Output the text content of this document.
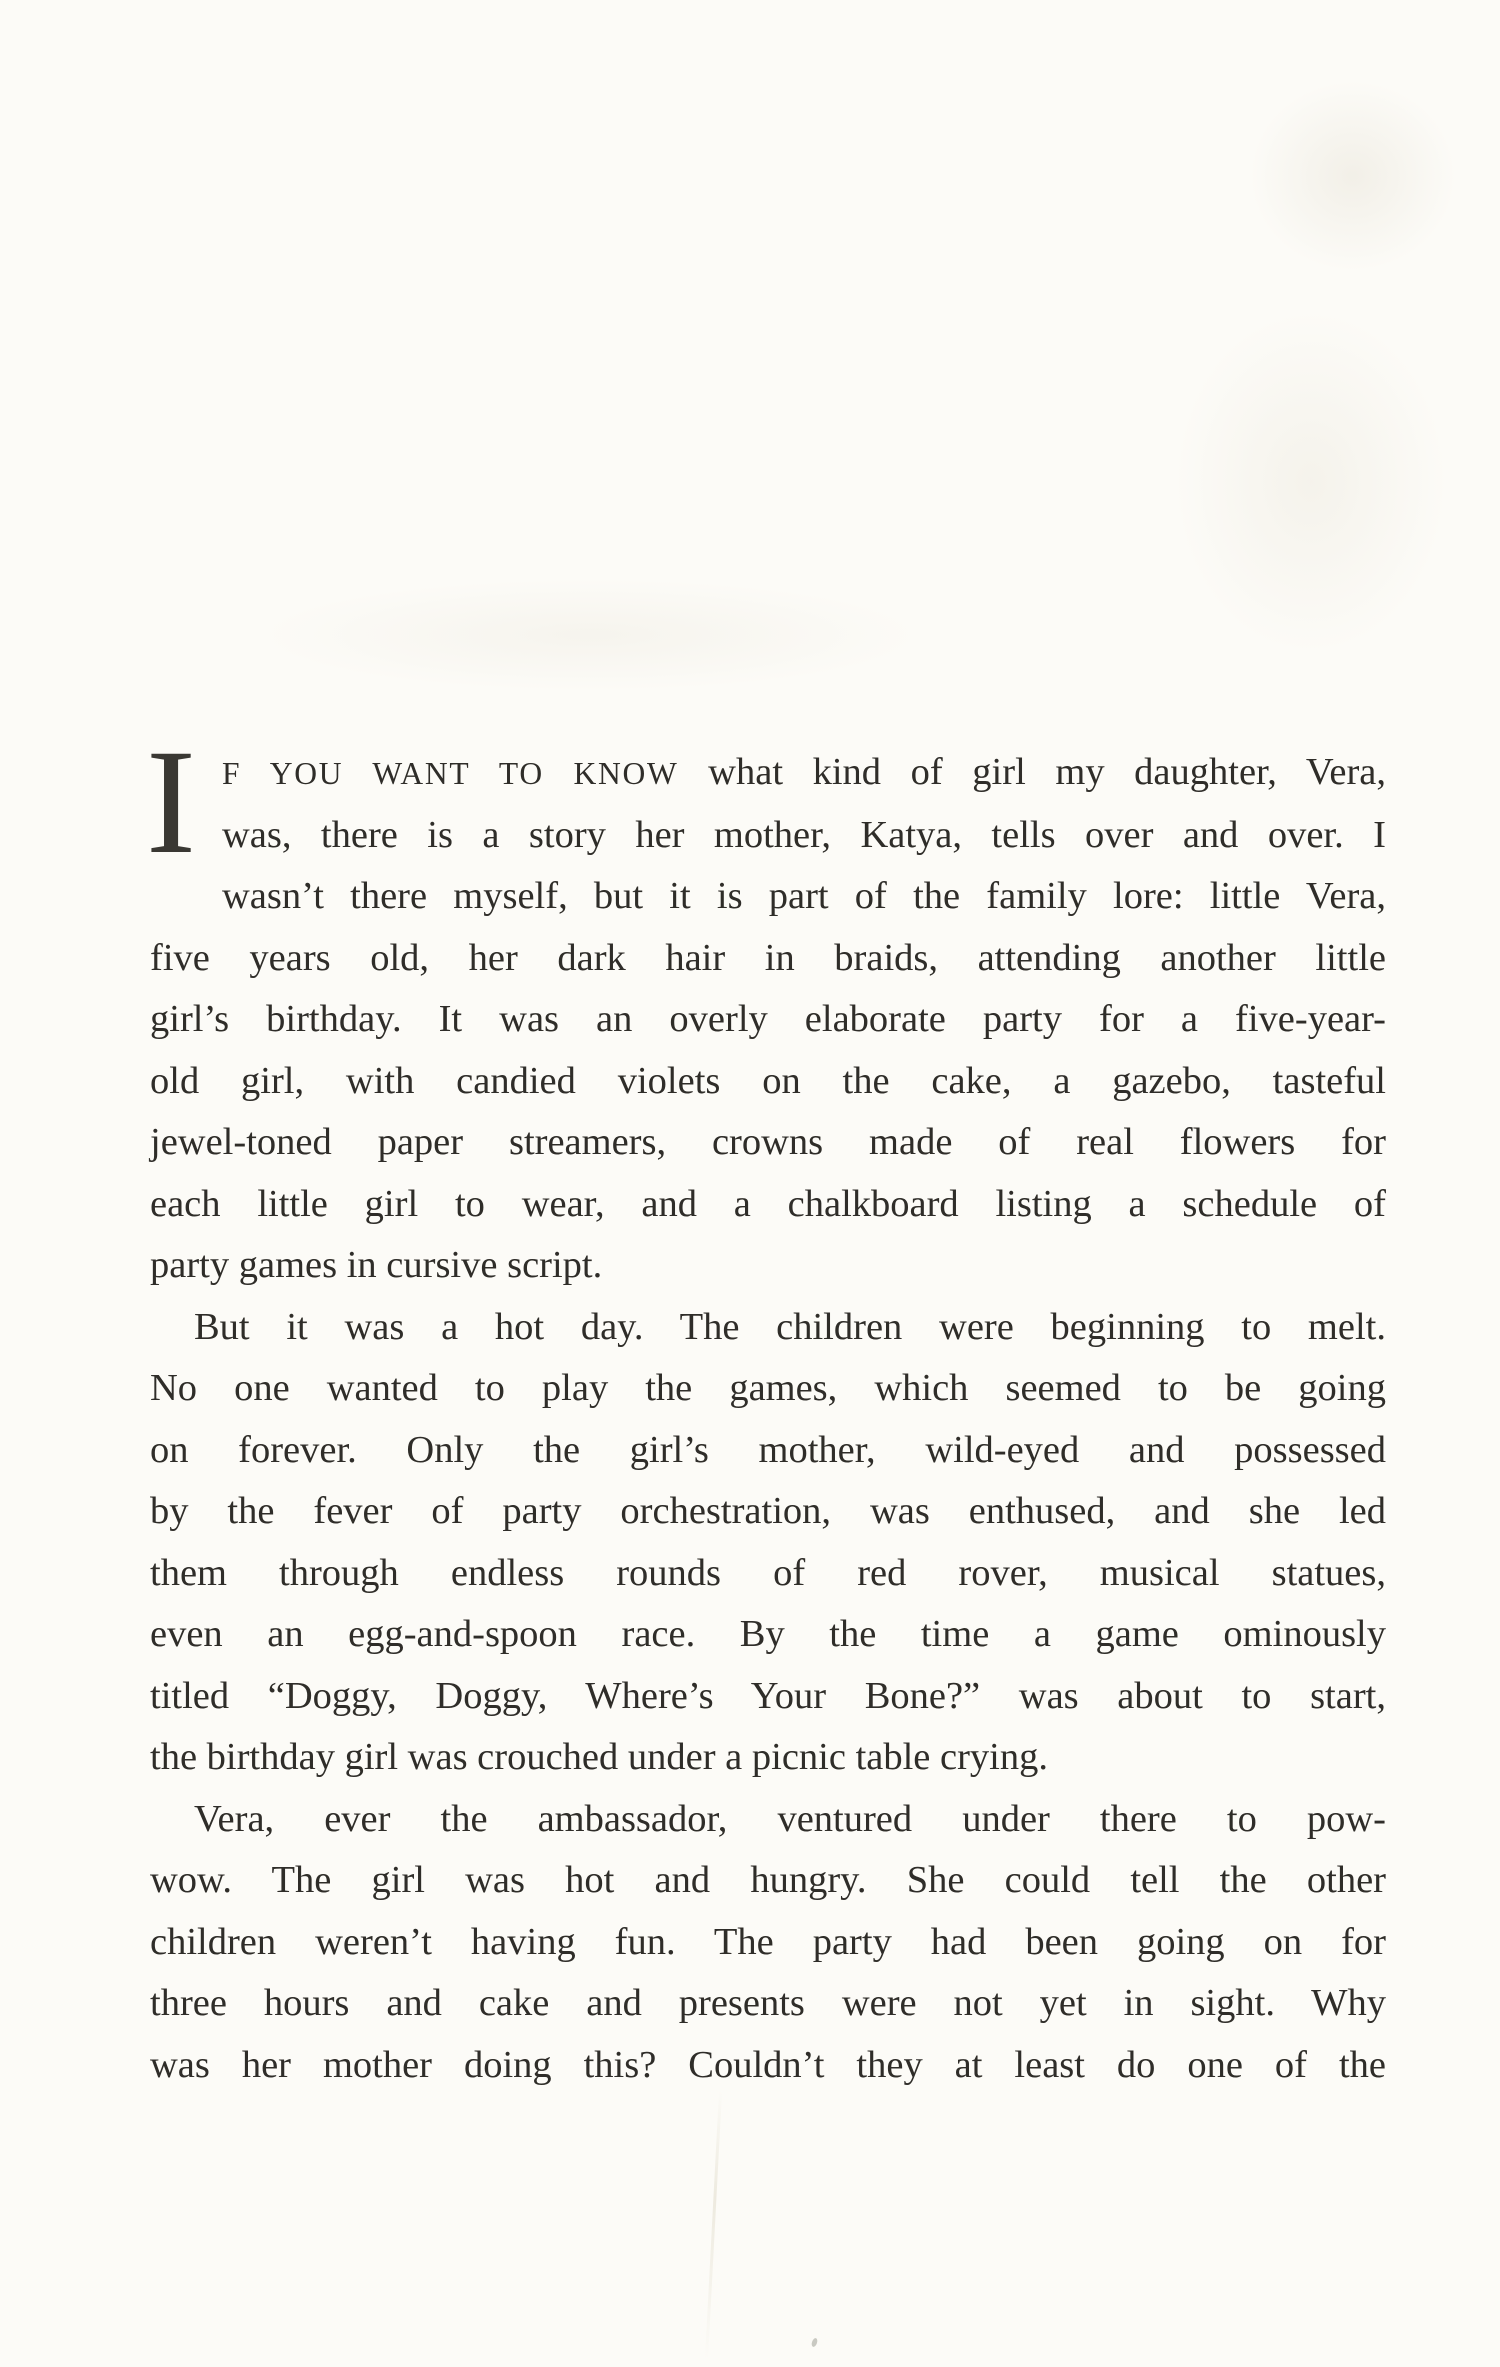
I F YOU WANT TO KNOW what kind of girl my daughter, Vera,
was, there is a story her mother, Katya, tells over and over. I
wasn’t there myself, but it is part of the family lore: little Vera,
five years old, her dark hair in braids, attending another little
girl’s birthday. It was an overly elaborate party for a five-year-
old girl, with candied violets on the cake, a gazebo, tasteful
jewel-toned paper streamers, crowns made of real flowers for
each little girl to wear, and a chalkboard listing a schedule of
party games in cursive script.
But it was a hot day. The children were beginning to melt.
No one wanted to play the games, which seemed to be going
on forever. Only the girl’s mother, wild-eyed and possessed
by the fever of party orchestration, was enthused, and she led
them through endless rounds of red rover, musical statues,
even an egg-and-spoon race. By the time a game ominously
titled “Doggy, Doggy, Where’s Your Bone?” was about to start,
the birthday girl was crouched under a picnic table crying.
Vera, ever the ambassador, ventured under there to pow-
wow. The girl was hot and hungry. She could tell the other
children weren’t having fun. The party had been going on for
three hours and cake and presents were not yet in sight. Why
was her mother doing this? Couldn’t they at least do one of the
